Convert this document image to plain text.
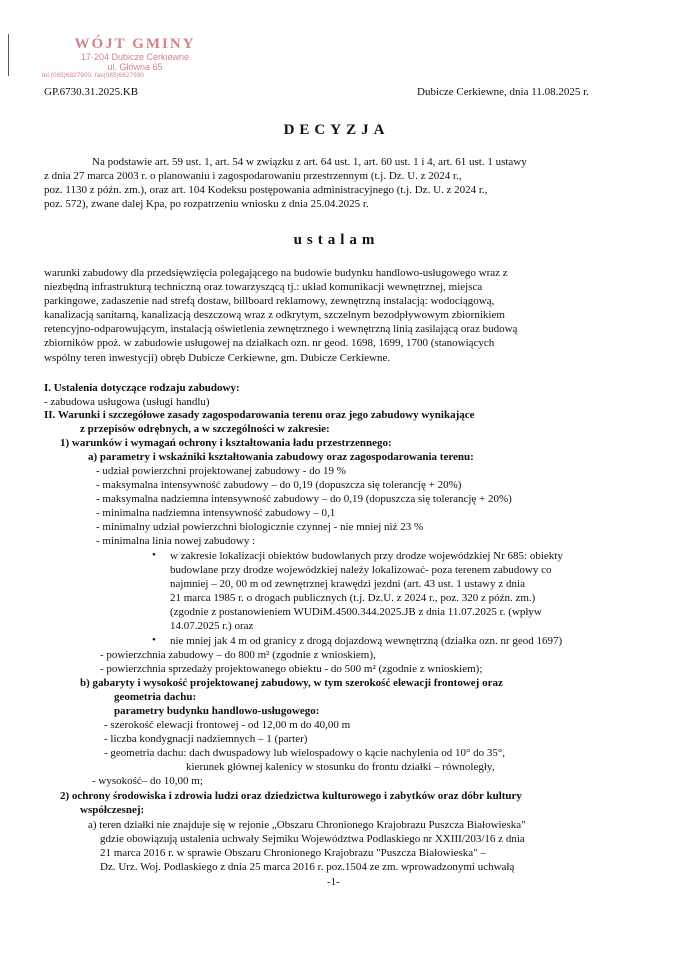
WÓJT GMINY
17-204 Dubicze Cerkiewne
ul. Główna 65
tel.(085)6827900, fax(085)6827930
GP.6730.31.2025.KB	Dubicze Cerkiewne, dnia 11.08.2025 r.
DECYZJA
Na podstawie art. 59 ust. 1, art. 54 w związku z art. 64 ust. 1, art. 60 ust. 1 i 4, art. 61 ust. 1 ustawy
z dnia 27 marca 2003 r. o planowaniu i zagospodarowaniu przestrzennym (t.j. Dz. U. z 2024 r.,
poz. 1130 z późn. zm.), oraz art. 104 Kodeksu postępowania administracyjnego (t.j. Dz. U. z 2024 r.,
poz. 572), zwane dalej Kpa, po rozpatrzeniu wniosku z dnia 25.04.2025 r.
ustalam
warunki zabudowy dla przedsięwzięcia polegającego na budowie budynku handlowo-usługowego wraz z
niezbędną infrastrukturą techniczną oraz towarzyszącą tj.: układ komunikacji wewnętrznej, miejsca
parkingowe, zadaszenie nad strefą dostaw, billboard reklamowy, zewnętrzną instalacją: wodociągową,
kanalizacją sanitarną, kanalizacją deszczową wraz z odkrytym, szczelnym bezodpływowym zbiornikiem
retencyjno-odparowującym, instalacją oświetlenia zewnętrznego i wewnętrzną linią zasilającą oraz budową
zbiorników ppoż. w zabudowie usługowej na działkach ozn. nr geod. 1698, 1699, 1700 (stanowiących
wspólny teren inwestycji) obręb Dubicze Cerkiewne, gm. Dubicze Cerkiewne.
I. Ustalenia dotyczące rodzaju zabudowy:
- zabudowa usługowa (usługi handlu)
II. Warunki i szczegółowe zasady zagospodarowania terenu oraz jego zabudowy wynikające
z przepisów odrębnych, a w szczególności w zakresie:
1) warunków i wymagań ochrony i kształtowania ładu przestrzennego:
a) parametry i wskaźniki kształtowania zabudowy oraz zagospodarowania terenu:
- udział powierzchni projektowanej zabudowy - do 19 %
- maksymalna intensywność zabudowy – do 0,19 (dopuszcza się tolerancję + 20%)
- maksymalna nadziemna intensywność zabudowy – do 0,19 (dopuszcza się tolerancję + 20%)
- minimalna nadziemna intensywność zabudowy – 0,1
- minimalny udział powierzchni biologicznie czynnej - nie mniej niż 23 %
- minimalna linia nowej zabudowy :
• w zakresie lokalizacji obiektów budowlanych przy drodze wojewódzkiej Nr 685: obiekty
budowlane przy drodze wojewódzkiej należy lokalizować- poza terenem zabudowy co
najmniej – 20, 00 m od zewnętrznej krawędzi jezdni (art. 43 ust. 1 ustawy z dnia
21 marca 1985 r. o drogach publicznych (t.j. Dz.U. z 2024 r., poz. 320 z późn. zm.)
(zgodnie z postanowieniem WUDiM.4500.344.2025.JB z dnia 11.07.2025 r. (wpływ
14.07.2025 r.) oraz
• nie mniej jak 4 m od granicy z drogą dojazdową wewnętrzną (działka ozn. nr geod 1697)
- powierzchnia zabudowy – do 800 m² (zgodnie z wnioskiem),
- powierzchnia sprzedaży projektowanego obiektu - do 500 m² (zgodnie z wnioskiem);
b) gabaryty i wysokość projektowanej zabudowy, w tym szerokość elewacji frontowej oraz
geometria dachu:
parametry budynku handlowo-usługowego:
- szerokość elewacji frontowej - od 12,00 m do 40,00 m
- liczba kondygnacji nadziemnych – 1 (parter)
- geometria dachu: dach dwuspadowy lub wielospadowy o kącie nachylenia od 10° do 35°,
kierunek głównej kalenicy w stosunku do frontu działki – równoległy,
- wysokość– do 10,00 m;
2) ochrony środowiska i zdrowia ludzi oraz dziedzictwa kulturowego i zabytków oraz dóbr kultury
współczesnej:
a) teren działki nie znajduje się w rejonie „Obszaru Chronionego Krajobrazu Puszcza Białowieska"
gdzie obowiązują ustalenia uchwały Sejmiku Województwa Podlaskiego nr XXIII/203/16 z dnia
21 marca 2016 r. w sprawie Obszaru Chronionego Krajobrazu "Puszcza Białowieska" –
Dz. Urz. Woj. Podlaskiego z dnia 25 marca 2016 r. poz.1504 ze zm. wprowadzonymi uchwałą
-1-
